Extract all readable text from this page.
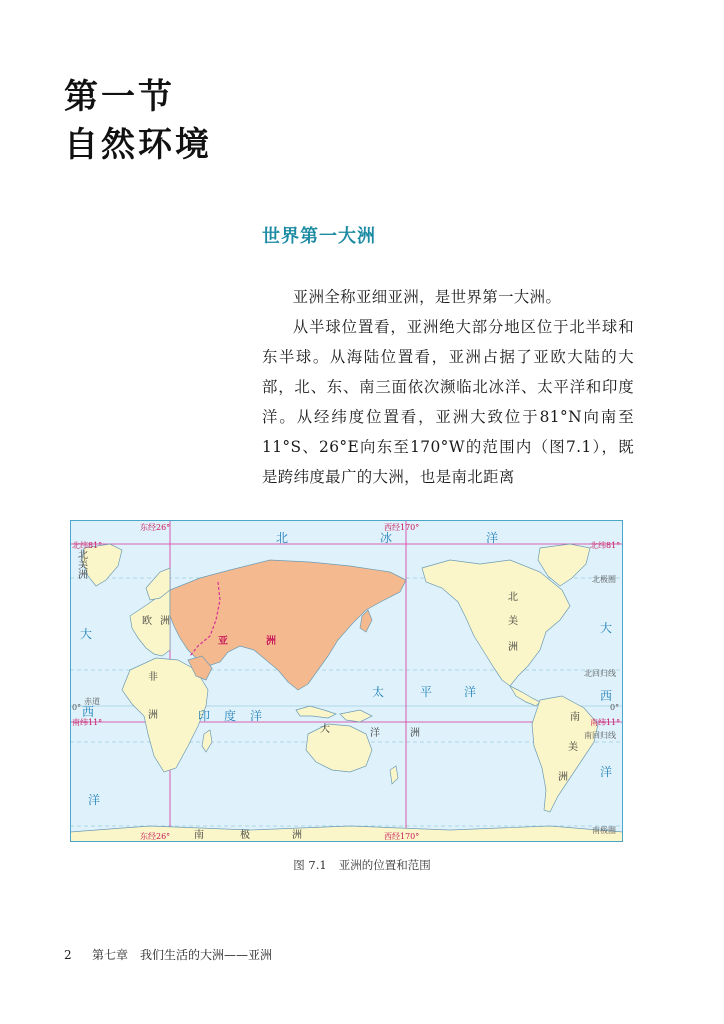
第一节
自然环境
世界第一大洲

亚洲全称亚细亚洲，是世界第一大洲。

从半球位置看，亚洲绝大部分地区位于北半球和东半球。从海陆位置看，亚洲占据了亚欧大陆的大部，北、东、南三面依次濒临北冰洋、太平洋和印度洋。从经纬度位置看，亚洲大致位于81°N向南至11°S、26°E向东至170°W的范围内（图7.1），既是跨纬度最广的大洲，也是南北距离

东经26°	西经170°
东经26°	西经170°
北纬81°	北纬81°
南纬11°	南纬11°
赤道
0°	0°
北极圈
北回归线
南回归线
南极圈
北	冰	洋
太	平	洋
印 度 洋
大
西
洋
大
西
洋
欧 洲
非
洲
北
美
洲
北
美
洲
南
美
洲
大	洋	洲
南	极	洲
亚	洲
图 7.1 亚洲的位置和范围
2 第七章　我们生活的大洲——亚洲
